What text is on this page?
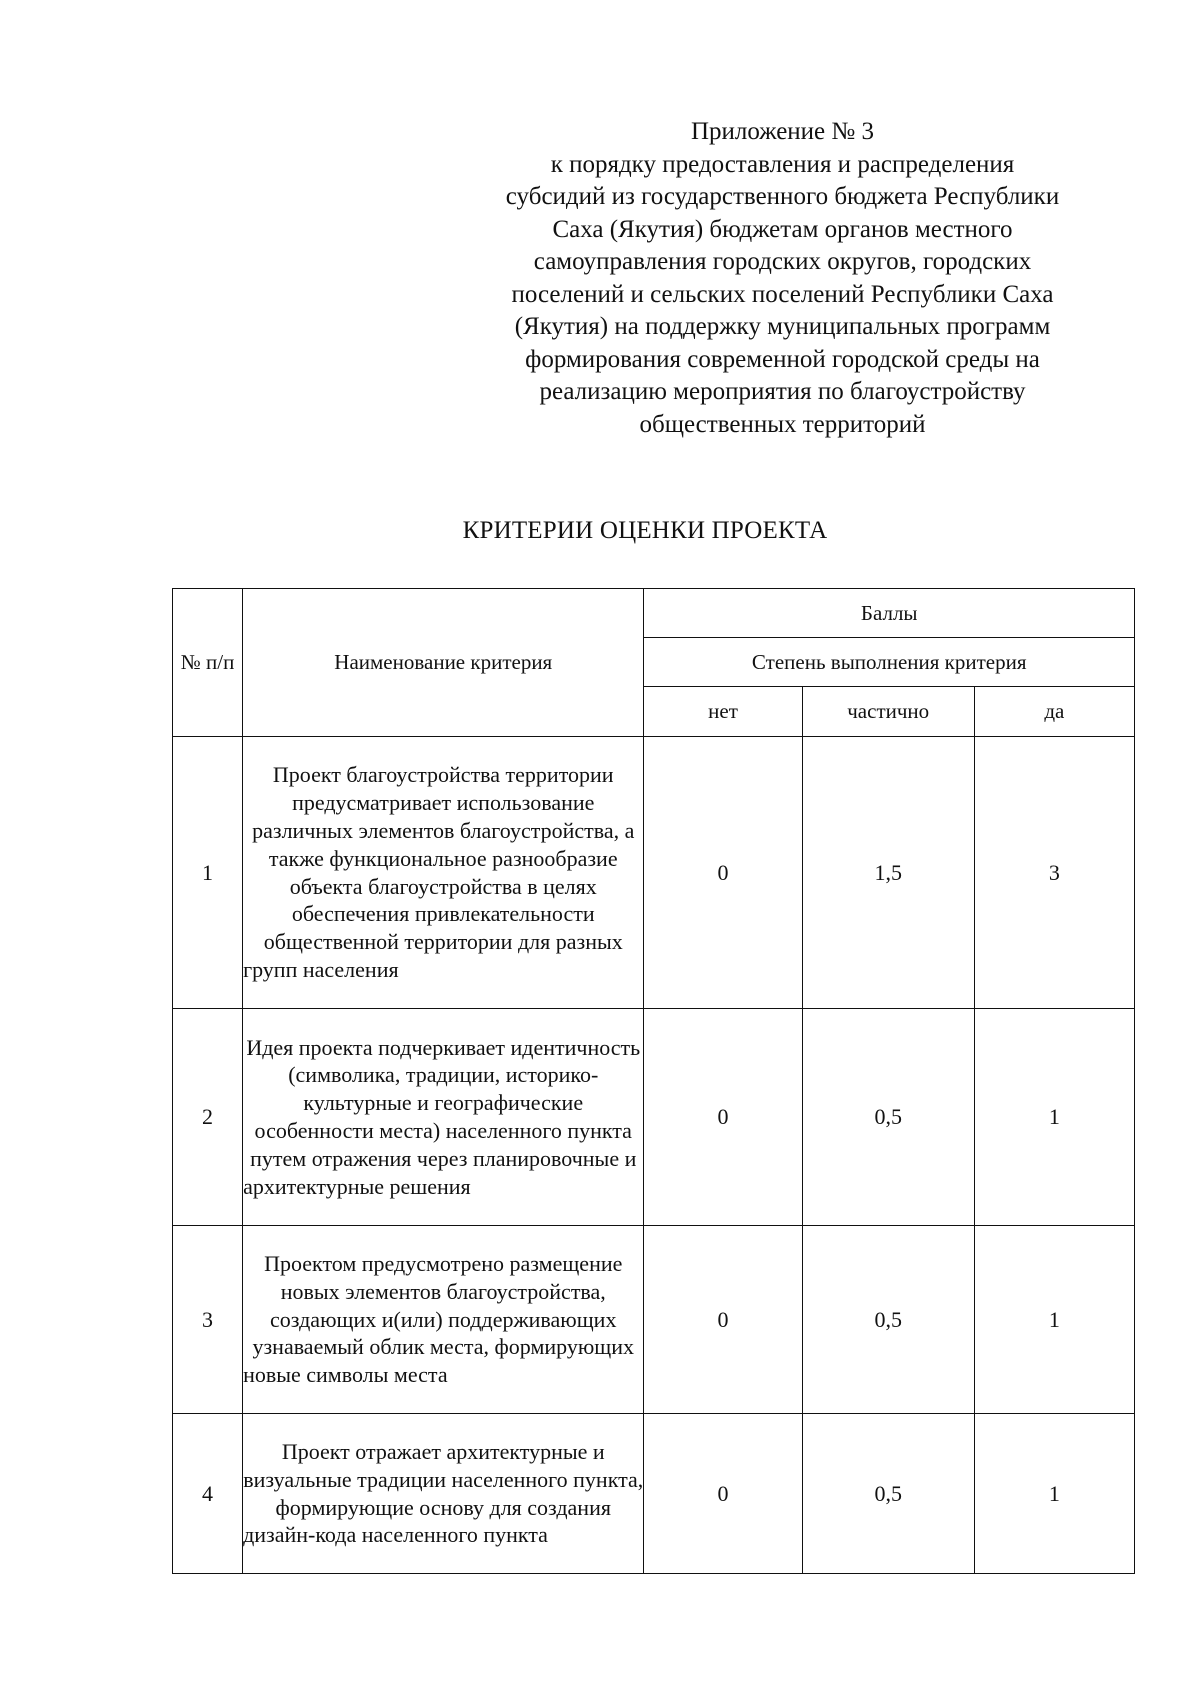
Приложение № 3
к порядку предоставления и распределения
субсидий из государственного бюджета Республики
Саха (Якутия) бюджетам органов местного
самоуправления городских округов, городских
поселений и сельских поселений Республики Саха
(Якутия) на поддержку муниципальных программ
формирования современной городской среды на
реализацию мероприятия по благоустройству
общественных территорий
КРИТЕРИИ ОЦЕНКИ ПРОЕКТА
№ п/п	Наименование критерия	Баллы		
		Степень выполнения критерия		
		нет	частично	да
1	Проект благоустройства территории предусматривает использование различных элементов благоустройства, а также функциональное разнообразие объекта благоустройства в целях обеспечения привлекательности общественной территории для разных групп населения	0	1,5	3
2	Идея проекта подчеркивает идентичность (символика, традиции, историко-культурные и географические особенности места) населенного пункта путем отражения через планировочные и архитектурные решения	0	0,5	1
3	Проектом предусмотрено размещение новых элементов благоустройства, создающих и(или) поддерживающих узнаваемый облик места, формирующих новые символы места	0	0,5	1
4	Проект отражает архитектурные и визуальные традиции населенного пункта, формирующие основу для создания дизайн-кода населенного пункта	0	0,5	1
